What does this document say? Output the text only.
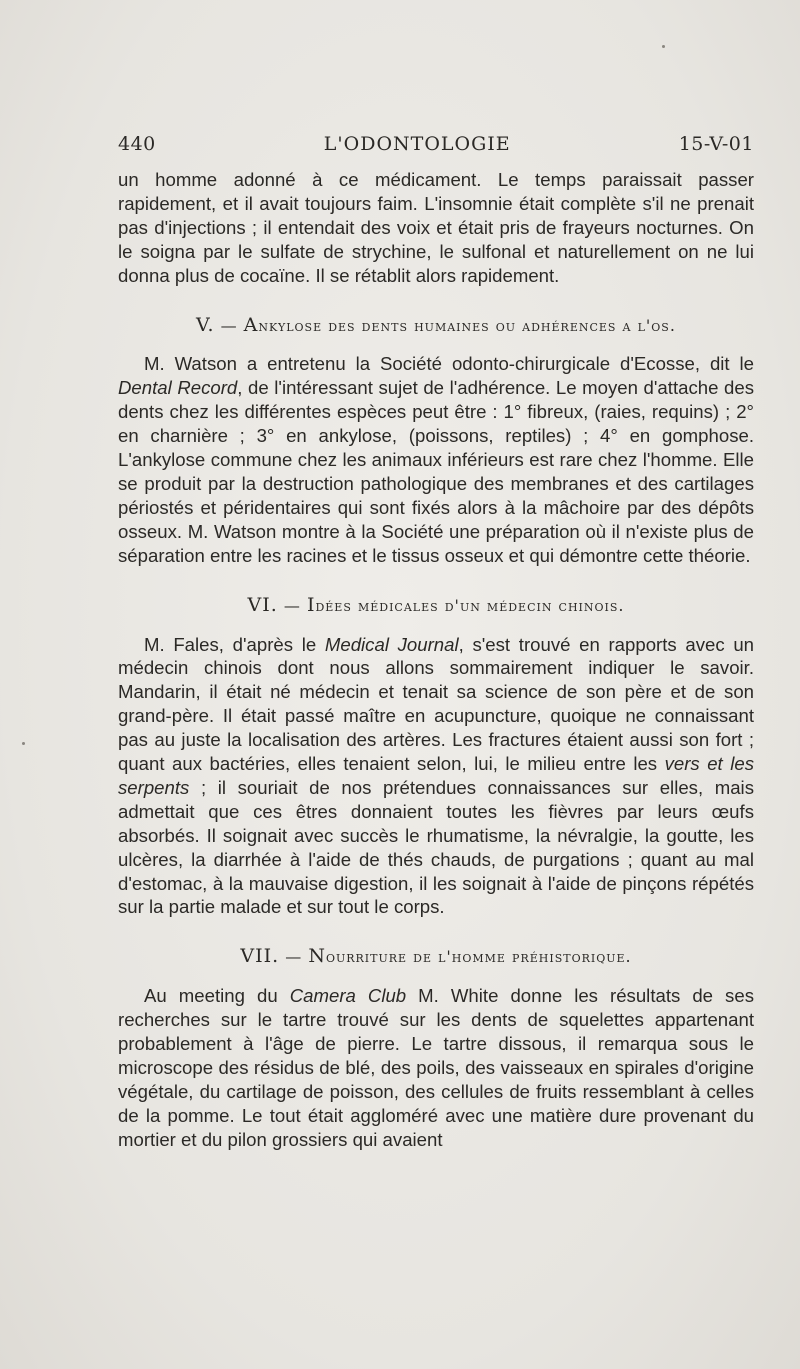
440	L'ODONTOLOGIE	15-V-01

un homme adonné à ce médicament. Le temps paraissait passer rapidement, et il avait toujours faim. L'insomnie était complète s'il ne prenait pas d'injections ; il entendait des voix et était pris de frayeurs nocturnes. On le soigna par le sulfate de strychine, le sulfonal et naturellement on ne lui donna plus de cocaïne. Il se rétablit alors rapidement.

V. — Ankylose des dents humaines ou adhérences a l'os.

M. Watson a entretenu la Société odonto-chirurgicale d'Ecosse, dit le Dental Record, de l'intéressant sujet de l'adhérence. Le moyen d'attache des dents chez les différentes espèces peut être : 1° fibreux, (raies, requins) ; 2° en charnière ; 3° en ankylose, (poissons, reptiles) ; 4° en gomphose. L'ankylose commune chez les animaux inférieurs est rare chez l'homme. Elle se produit par la destruction pathologique des membranes et des cartilages périostés et péridentaires qui sont fixés alors à la mâchoire par des dépôts osseux. M. Watson montre à la Société une préparation où il n'existe plus de séparation entre les racines et le tissus osseux et qui démontre cette théorie.

VI. — Idées médicales d'un médecin chinois.

M. Fales, d'après le Medical Journal, s'est trouvé en rapports avec un médecin chinois dont nous allons sommairement indiquer le savoir. Mandarin, il était né médecin et tenait sa science de son père et de son grand-père. Il était passé maître en acupuncture, quoique ne connaissant pas au juste la localisation des artères. Les fractures étaient aussi son fort ; quant aux bactéries, elles tenaient selon, lui, le milieu entre les vers et les serpents ; il souriait de nos prétendues connaissances sur elles, mais admettait que ces êtres donnaient toutes les fièvres par leurs œufs absorbés. Il soignait avec succès le rhumatisme, la névralgie, la goutte, les ulcères, la diarrhée à l'aide de thés chauds, de purgations ; quant au mal d'estomac, à la mauvaise digestion, il les soignait à l'aide de pinçons répétés sur la partie malade et sur tout le corps.

VII. — Nourriture de l'homme préhistorique.

Au meeting du Camera Club M. White donne les résultats de ses recherches sur le tartre trouvé sur les dents de squelettes appartenant probablement à l'âge de pierre. Le tartre dissous, il remarqua sous le microscope des résidus de blé, des poils, des vaisseaux en spirales d'origine végétale, du cartilage de poisson, des cellules de fruits ressemblant à celles de la pomme. Le tout était aggloméré avec une matière dure provenant du mortier et du pilon grossiers qui avaient
